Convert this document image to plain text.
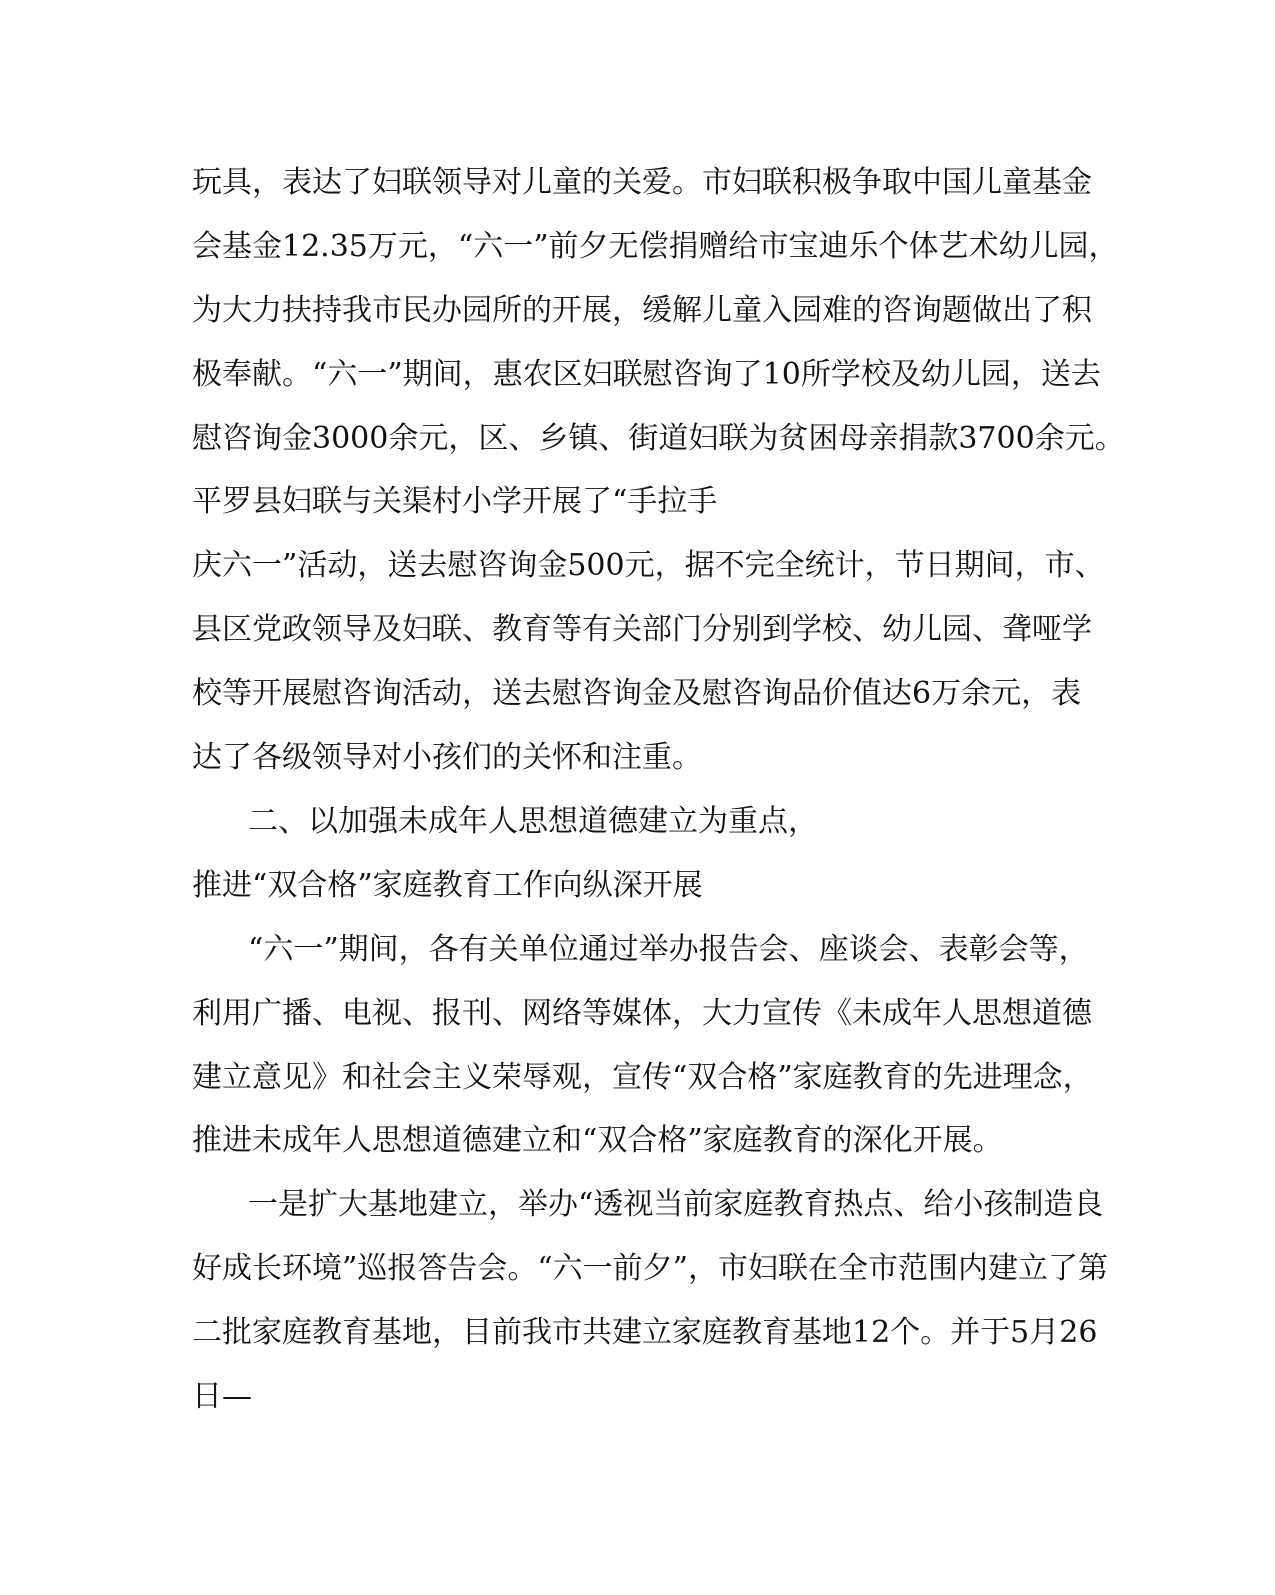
玩具，表达了妇联领导对儿童的关爱。市妇联积极争取中国儿童基金
会基金12.35万元，“六一”前夕无偿捐赠给市宝迪乐个体艺术幼儿园，
为大力扶持我市民办园所的开展，缓解儿童入园难的咨询题做出了积
极奉献。“六一”期间，惠农区妇联慰咨询了10所学校及幼儿园，送去
慰咨询金3000余元，区、乡镇、街道妇联为贫困母亲捐款3700余元。
平罗县妇联与关渠村小学开展了“手拉手
庆六一”活动，送去慰咨询金500元，据不完全统计，节日期间，市、
县区党政领导及妇联、教育等有关部门分别到学校、幼儿园、聋哑学
校等开展慰咨询活动，送去慰咨询金及慰咨询品价值达6万余元，表
达了各级领导对小孩们的关怀和注重。
二、以加强未成年人思想道德建立为重点，
推进“双合格”家庭教育工作向纵深开展
“六一”期间，各有关单位通过举办报告会、座谈会、表彰会等，
利用广播、电视、报刊、网络等媒体，大力宣传《未成年人思想道德
建立意见》和社会主义荣辱观，宣传“双合格”家庭教育的先进理念，
推进未成年人思想道德建立和“双合格”家庭教育的深化开展。
一是扩大基地建立，举办“透视当前家庭教育热点、给小孩制造良
好成长环境”巡报答告会。“六一前夕”，市妇联在全市范围内建立了第
二批家庭教育基地，目前我市共建立家庭教育基地12个。并于5月26
日—
